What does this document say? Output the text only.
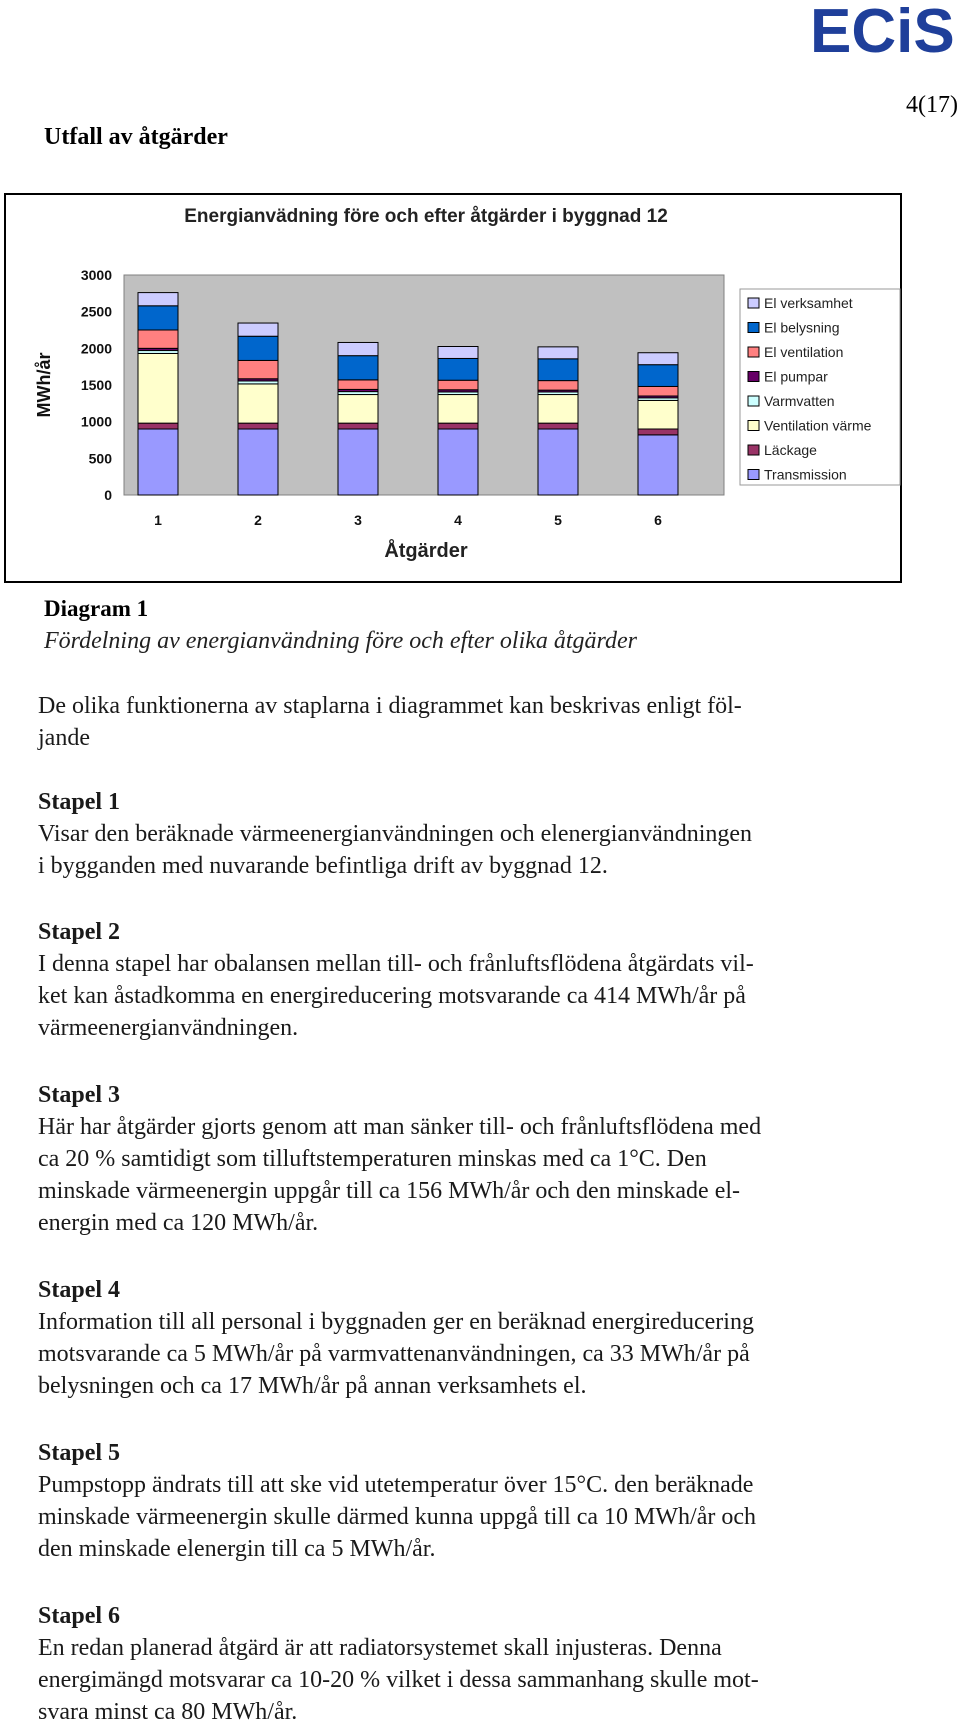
ECiS
4(17)
Utfall av åtgärder
Energianvädning före och efter åtgärder i byggnad 12
0
500
1000
1500
2000
2500
3000
MWh/år
1	2	3	4	5	6
Åtgärder
El verksamhet
El belysning
El ventilation
El pumpar
Varmvatten
Ventilation värme
Läckage
Transmission
Diagram 1
Fördelning av energianvändning före och efter olika åtgärder
De olika funktionerna av staplarna i diagrammet kan beskrivas enligt föl-
jande
Stapel 1
Visar den beräknade värmeenergianvändningen och elenergianvändningen
i bygganden med nuvarande befintliga drift av byggnad 12.
Stapel 2
I denna stapel har obalansen mellan till- och frånluftsflödena åtgärdats vil-
ket kan åstadkomma en energireducering motsvarande ca 414 MWh/år på
värmeenergianvändningen.
Stapel 3
Här har åtgärder gjorts genom att man sänker till- och frånluftsflödena med
ca 20 % samtidigt som tilluftstemperaturen minskas med ca 1°C. Den
minskade värmeenergin uppgår till ca 156 MWh/år och den minskade el-
energin med ca 120 MWh/år.
Stapel 4
Information till all personal i byggnaden ger en beräknad energireducering
motsvarande ca 5 MWh/år på varmvattenanvändningen, ca 33 MWh/år på
belysningen och ca 17 MWh/år på annan verksamhets el.
Stapel 5
Pumpstopp ändrats till att ske vid utetemperatur över 15°C. den beräknade
minskade värmeenergin skulle därmed kunna uppgå till ca 10 MWh/år och
den minskade elenergin till ca 5 MWh/år.
Stapel 6
En redan planerad åtgärd är att radiatorsystemet skall injusteras. Denna
energimängd motsvarar ca 10-20 % vilket i dessa sammanhang skulle mot-
svara minst ca 80 MWh/år.
